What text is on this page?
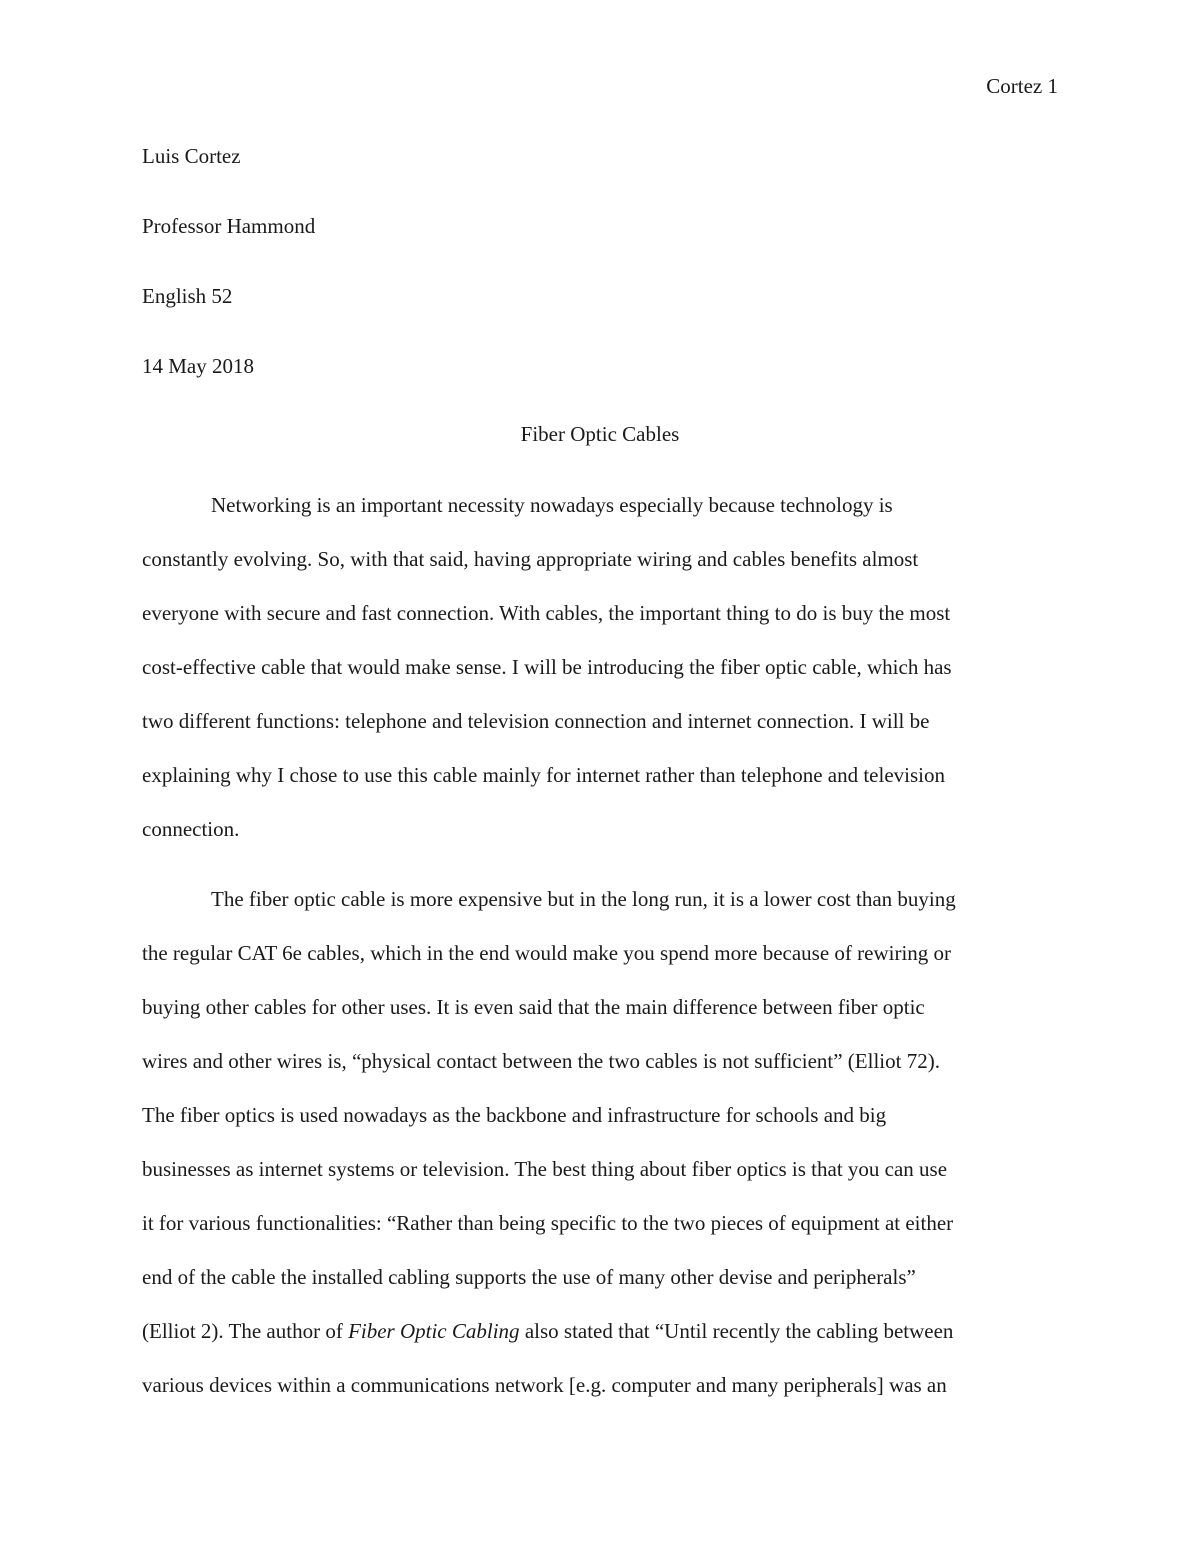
Cortez 1
Luis Cortez
Professor Hammond
English 52
14 May 2018
Fiber Optic Cables
Networking is an important necessity nowadays especially because technology is
constantly evolving. So, with that said, having appropriate wiring and cables benefits almost
everyone with secure and fast connection. With cables, the important thing to do is buy the most
cost-effective cable that would make sense. I will be introducing the fiber optic cable, which has
two different functions: telephone and television connection and internet connection. I will be
explaining why I chose to use this cable mainly for internet rather than telephone and television
connection.
The fiber optic cable is more expensive but in the long run, it is a lower cost than buying
the regular CAT 6e cables, which in the end would make you spend more because of rewiring or
buying other cables for other uses. It is even said that the main difference between fiber optic
wires and other wires is, “physical contact between the two cables is not sufficient” (Elliot 72).
The fiber optics is used nowadays as the backbone and infrastructure for schools and big
businesses as internet systems or television. The best thing about fiber optics is that you can use
it for various functionalities: “Rather than being specific to the two pieces of equipment at either
end of the cable the installed cabling supports the use of many other devise and peripherals”
(Elliot 2). The author of Fiber Optic Cabling also stated that “Until recently the cabling between
various devices within a communications network [e.g. computer and many peripherals] was an
